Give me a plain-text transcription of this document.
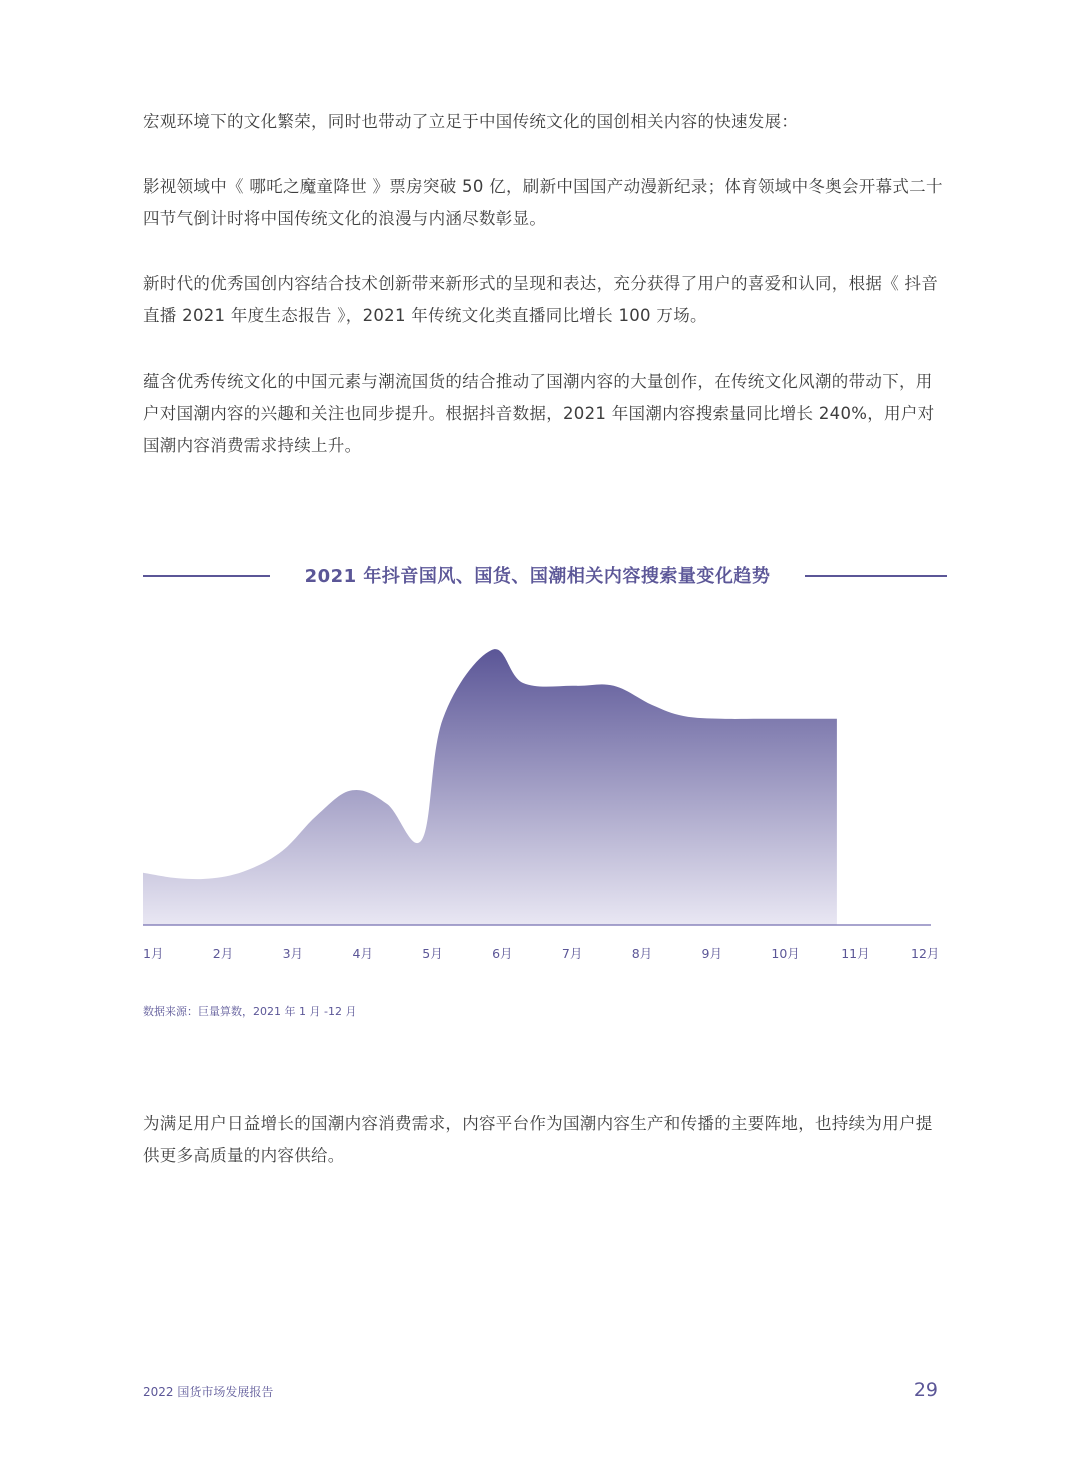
宏观环境下的文化繁荣，同时也带动了立足于中国传统文化的国创相关内容的快速发展：

影视领域中《 哪吒之魔童降世 》票房突破 50 亿，刷新中国国产动漫新纪录；体育领域中冬奥会开幕式二十四节气倒计时将中国传统文化的浪漫与内涵尽数彰显。

新时代的优秀国创内容结合技术创新带来新形式的呈现和表达，充分获得了用户的喜爱和认同，根据《 抖音直播 2021 年度生态报告 》，2021 年传统文化类直播同比增长 100 万场。

蕴含优秀传统文化的中国元素与潮流国货的结合推动了国潮内容的大量创作，在传统文化风潮的带动下，用户对国潮内容的兴趣和关注也同步提升。根据抖音数据，2021 年国潮内容搜索量同比增长 240%，用户对国潮内容消费需求持续上升。

2021 年抖音国风、国货、国潮相关内容搜索量变化趋势
1月	2月	3月	4月	5月	6月	7月	8月	9月	10月	11月	12月
数据来源：巨量算数，2021 年 1 月 -12 月

为满足用户日益增长的国潮内容消费需求，内容平台作为国潮内容生产和传播的主要阵地，也持续为用户提供更多高质量的内容供给。

2022 国货市场发展报告	29
